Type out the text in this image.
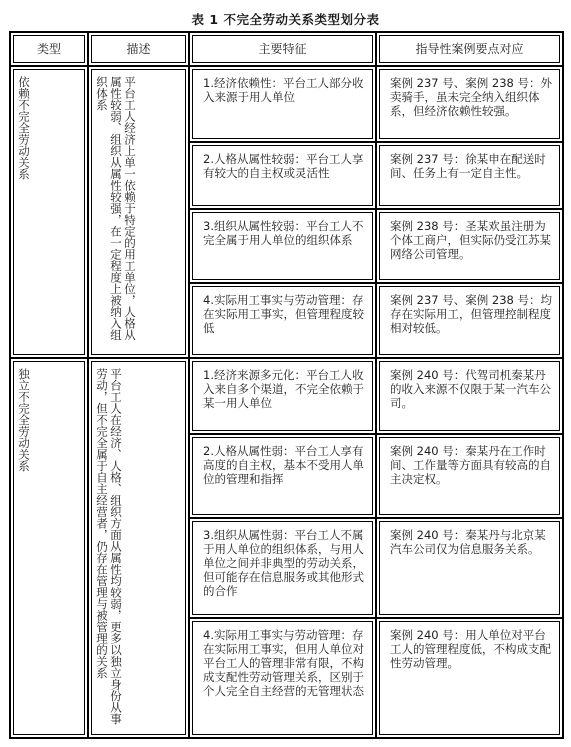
表 1 不完全劳动关系类型划分表
类型	描述	主要特征	指导性案例要点对应

依赖不完全劳动关系	平台工人经济上单一依赖于特定的用工单位，人格从属性较弱、组织从属性较强，在一定程度上被纳入组织体系	1.经济依赖性：平台工人部分收入来源于用人单位	案例 237 号、案例 238 号：外卖骑手，虽未完全纳入组织体系，但经济依赖性较强。

		2.人格从属性较弱：平台工人享有较大的自主权或灵活性	案例 237 号：徐某申在配送时间、任务上有一定自主性。

		3.组织从属性较弱：平台工人不完全属于用人单位的组织体系	案例 238 号：圣某欢虽注册为个体工商户，但实际仍受江苏某网络公司管理。

		4.实际用工事实与劳动管理：存在实际用工事实，但管理程度较低	案例 237 号、案例 238 号：均存在实际用工，但管理控制程度相对较低。

独立不完全劳动关系	平台工人在经济、人格、组织方面从属性均较弱，更多以独立身份从事劳动，但不完全属于自主经营者，仍存在管理与被管理的关系	1.经济来源多元化：平台工人收入来自多个渠道，不完全依赖于某一用人单位	案例 240 号：代驾司机秦某丹的收入来源不仅限于某一汽车公司。

		2.人格从属性弱：平台工人享有高度的自主权，基本不受用人单位的管理和指挥	案例 240 号：秦某丹在工作时间、工作量等方面具有较高的自主决定权。

		3.组织从属性弱：平台工人不属于用人单位的组织体系，与用人单位之间并非典型的劳动关系，但可能存在信息服务或其他形式的合作	案例 240 号：秦某丹与北京某汽车公司仅为信息服务关系。

		4.实际用工事实与劳动管理：存在实际用工事实，但用人单位对平台工人的管理非常有限，不构成支配性劳动管理关系，区别于个人完全自主经营的无管理状态	案例 240 号：用人单位对平台工人的管理程度低，不构成支配性劳动管理。
